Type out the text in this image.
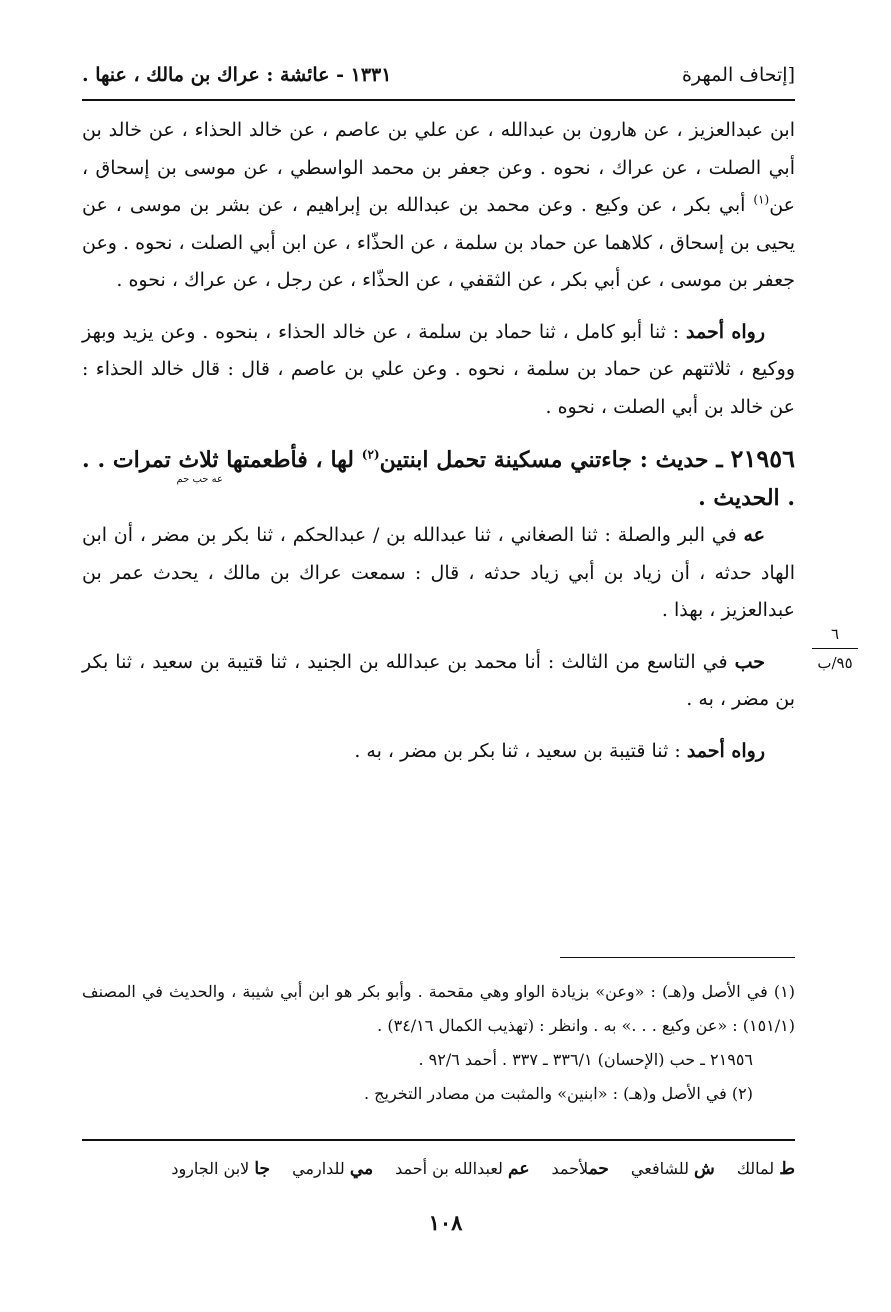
١٣٣١ - عائشة : عراك بن مالك ، عنها .	[إتحاف المهرة

ابن عبدالعزيز ، عن هارون بن عبدالله ، عن علي بن عاصم ، عن خالد الحذاء ، عن خالد بن أبي الصلت ، عن عراك ، نحوه . وعن جعفر بن محمد الواسطي ، عن موسى بن إسحاق ، عن$^{(١)}$ أبي بكر ، عن وكيع . وعن محمد بن عبدالله بن إبراهيم ، عن بشر بن موسى ، عن يحيى بن إسحاق ، كلاهما عن حماد بن سلمة ، عن الحذّاء ، عن ابن أبي الصلت ، نحوه . وعن جعفر بن موسى ، عن أبي بكر ، عن الثقفي ، عن الحذّاء ، عن رجل ، عن عراك ، نحوه .

رواه أحمد : ثنا أبو كامل ، ثنا حماد بن سلمة ، عن خالد الحذاء ، بنحوه . وعن يزيد وبهز ووكيع ، ثلاثتهم عن حماد بن سلمة ، نحوه . وعن علي بن عاصم ، قال : قال خالد الحذاء : عن خالد بن أبي الصلت ، نحوه .

٢١٩٥٦ ـ حديث : جاءتني مسكينة تحمل ابنتين$^{(٢)}$ لها ، فأطعمتها ثلاث تمرات . . . الحديث .

عه حب حم

عه في البر والصلة : ثنا الصغاني ، ثنا عبدالله بن / عبدالحكم ، ثنا بكر بن مضر ، أن ابن الهاد حدثه ، أن زياد بن أبي زياد حدثه ، قال : سمعت عراك بن مالك ، يحدث عمر بن عبدالعزيز ، بهذا .

حب في التاسع من الثالث : أنا محمد بن عبدالله بن الجنيد ، ثنا قتيبة بن سعيد ، ثنا بكر بن مضر ، به .

رواه أحمد : ثنا قتيبة بن سعيد ، ثنا بكر بن مضر ، به .

٦
٩٥/ب

(١) في الأصل و(هـ) : «وعن» بزيادة الواو وهي مقحمة . وأبو بكر هو ابن أبي شيبة ، والحديث في المصنف (١٥١/١) : «عن وكيع . . .» به . وانظر : (تهذيب الكمال ٣٤/١٦) .

٢١٩٥٦ ـ حب (الإحسان) ٣٣٦/١ ـ ٣٣٧ . أحمد ٩٢/٦ .

(٢) في الأصل و(هـ) : «ابنين» والمثبت من مصادر التخريج .

ط لمالك
ش للشافعي
حملأحمد
عم لعبدالله بن أحمد
مي للدارمي
جا لابن الجارود
١٠٨
